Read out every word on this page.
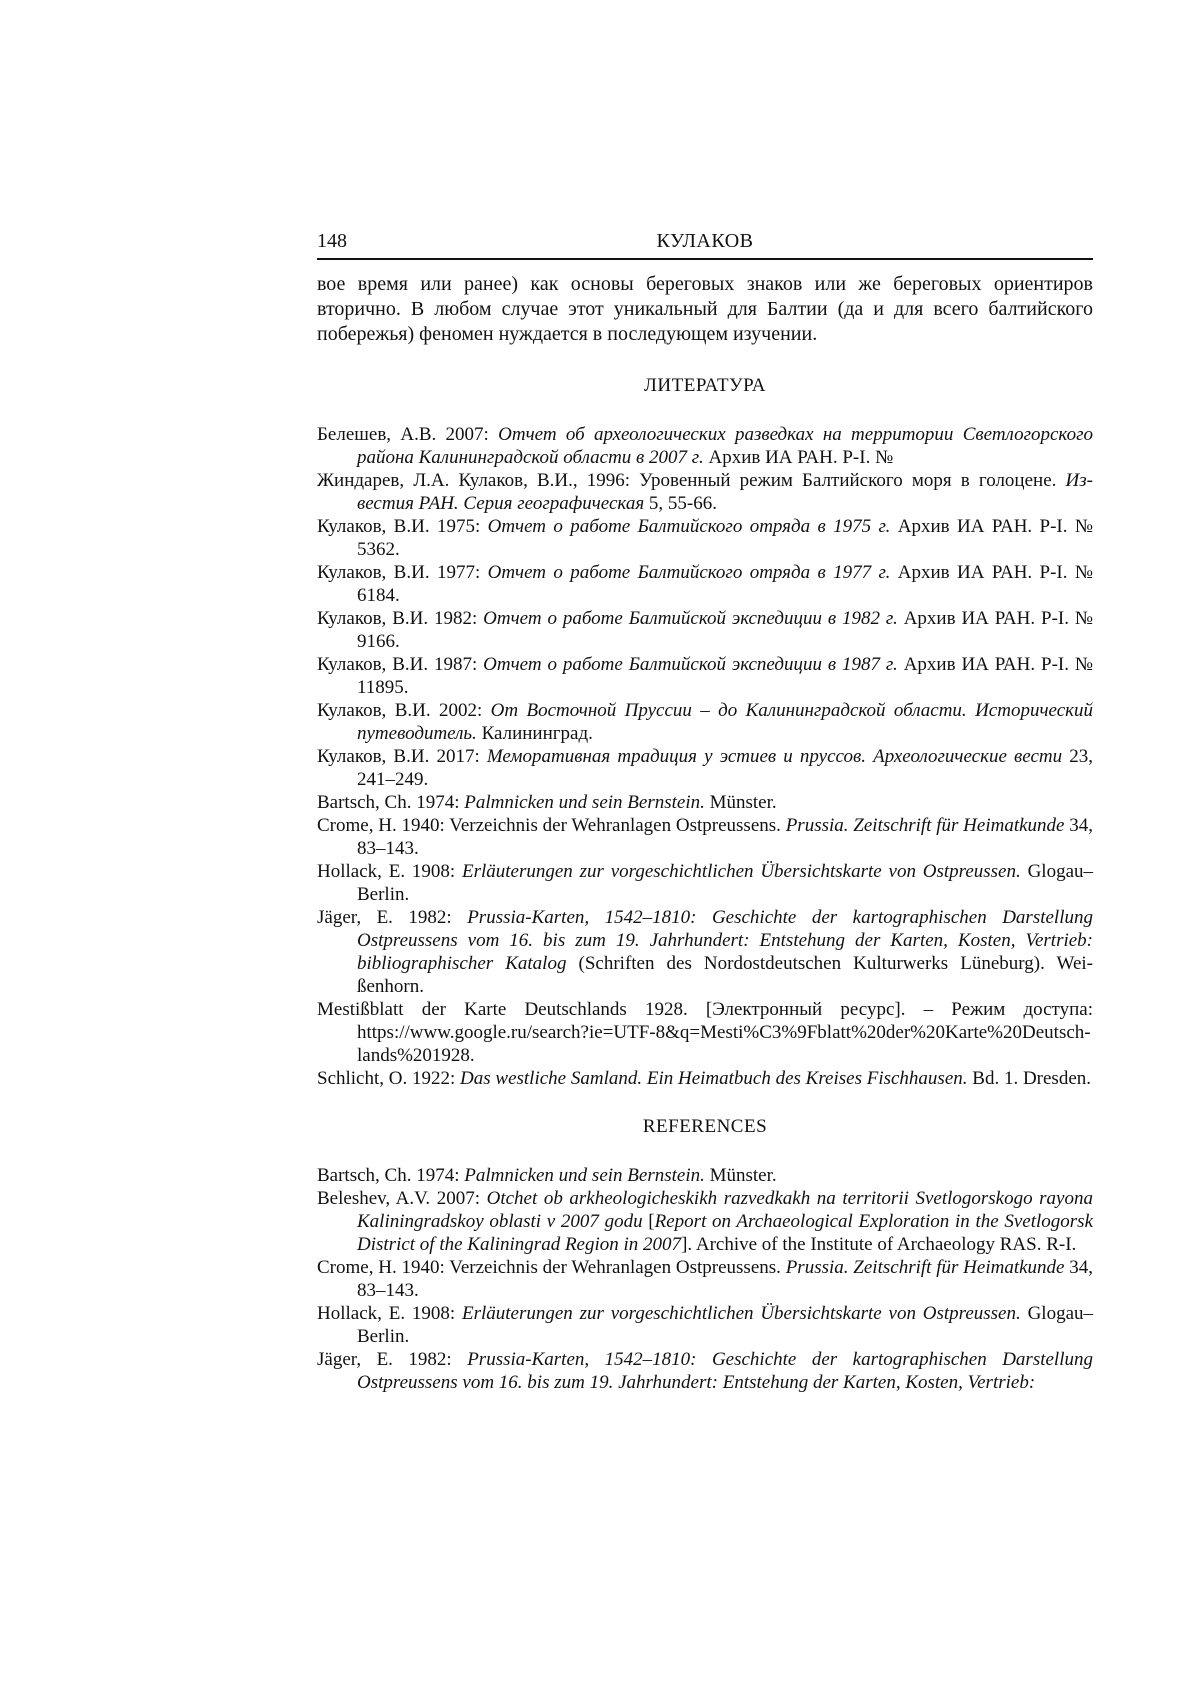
148	КУЛАКОВ

вое время или ранее) как основы береговых знаков или же береговых ориентиров вторично. В любом случае этот уникальный для Балтии (да и для всего балтийского побережья) феномен нуждается в последующем изучении.

ЛИТЕРАТУРА

Белешев, А.В. 2007: Отчет об археологических разведках на территории Светлогорского района Калининградской области в 2007 г. Архив ИА РАН. Р-I. №

Жиндарев, Л.А. Кулаков, В.И., 1996: Уровенный режим Балтийского моря в голоцене. Известия РАН. Серия географическая 5, 55-66.

Кулаков, В.И. 1975: Отчет о работе Балтийского отряда в 1975 г. Архив ИА РАН. Р-I. № 5362.

Кулаков, В.И. 1977: Отчет о работе Балтийского отряда в 1977 г. Архив ИА РАН. Р-I. № 6184.

Кулаков, В.И. 1982: Отчет о работе Балтийской экспедиции в 1982 г. Архив ИА РАН. Р-I. № 9166.

Кулаков, В.И. 1987: Отчет о работе Балтийской экспедиции в 1987 г. Архив ИА РАН. Р-I. № 11895.

Кулаков, В.И. 2002: От Восточной Пруссии – до Калининградской области. Исторический путеводитель. Калининград.

Кулаков, В.И. 2017: Меморативная традиция у эстиев и пруссов. Археологические вести 23, 241–249.

Bartsch, Ch. 1974: Palmnicken und sein Bernstein. Münster.

Crome, H. 1940: Verzeichnis der Wehranlagen Ostpreussens. Prussia. Zeitschrift für Heimatkunde 34, 83–143.

Hollack, E. 1908: Erläuterungen zur vorgeschichtlichen Übersichtskarte von Ostpreussen. Glogau–Berlin.

Jäger, E. 1982: Prussia-Karten, 1542–1810: Geschichte der kartographischen Darstellung Ostpreussens vom 16. bis zum 19. Jahrhundert: Entstehung der Karten, Kosten, Vertrieb: bibliographischer Katalog (Schriften des Nordostdeutschen Kulturwerks Lüneburg). Weißenhorn.

Mestißblatt der Karte Deutschlands 1928. [Электронный ресурс]. – Режим доступа: https://www.google.ru/search?ie=UTF-8&q=Mesti%C3%9Fblatt%20der%20Karte%20Deutschlands%201928.

Schlicht, O. 1922: Das westliche Samland. Ein Heimatbuch des Kreises Fischhausen. Bd. 1. Dresden.

REFERENCES

Bartsch, Ch. 1974: Palmnicken und sein Bernstein. Münster.

Beleshev, A.V. 2007: Otchet ob arkheologicheskikh razvedkakh na territorii Svetlogorskogo rayona Kaliningradskoy oblasti v 2007 godu [Report on Archaeological Exploration in the Svetlogorsk District of the Kaliningrad Region in 2007]. Archive of the Institute of Archaeology RAS. R-I.

Crome, H. 1940: Verzeichnis der Wehranlagen Ostpreussens. Prussia. Zeitschrift für Heimatkunde 34, 83–143.

Hollack, E. 1908: Erläuterungen zur vorgeschichtlichen Übersichtskarte von Ostpreussen. Glogau–Berlin.

Jäger, E. 1982: Prussia-Karten, 1542–1810: Geschichte der kartographischen Darstellung Ostpreussens vom 16. bis zum 19. Jahrhundert: Entstehung der Karten, Kosten, Vertrieb:
